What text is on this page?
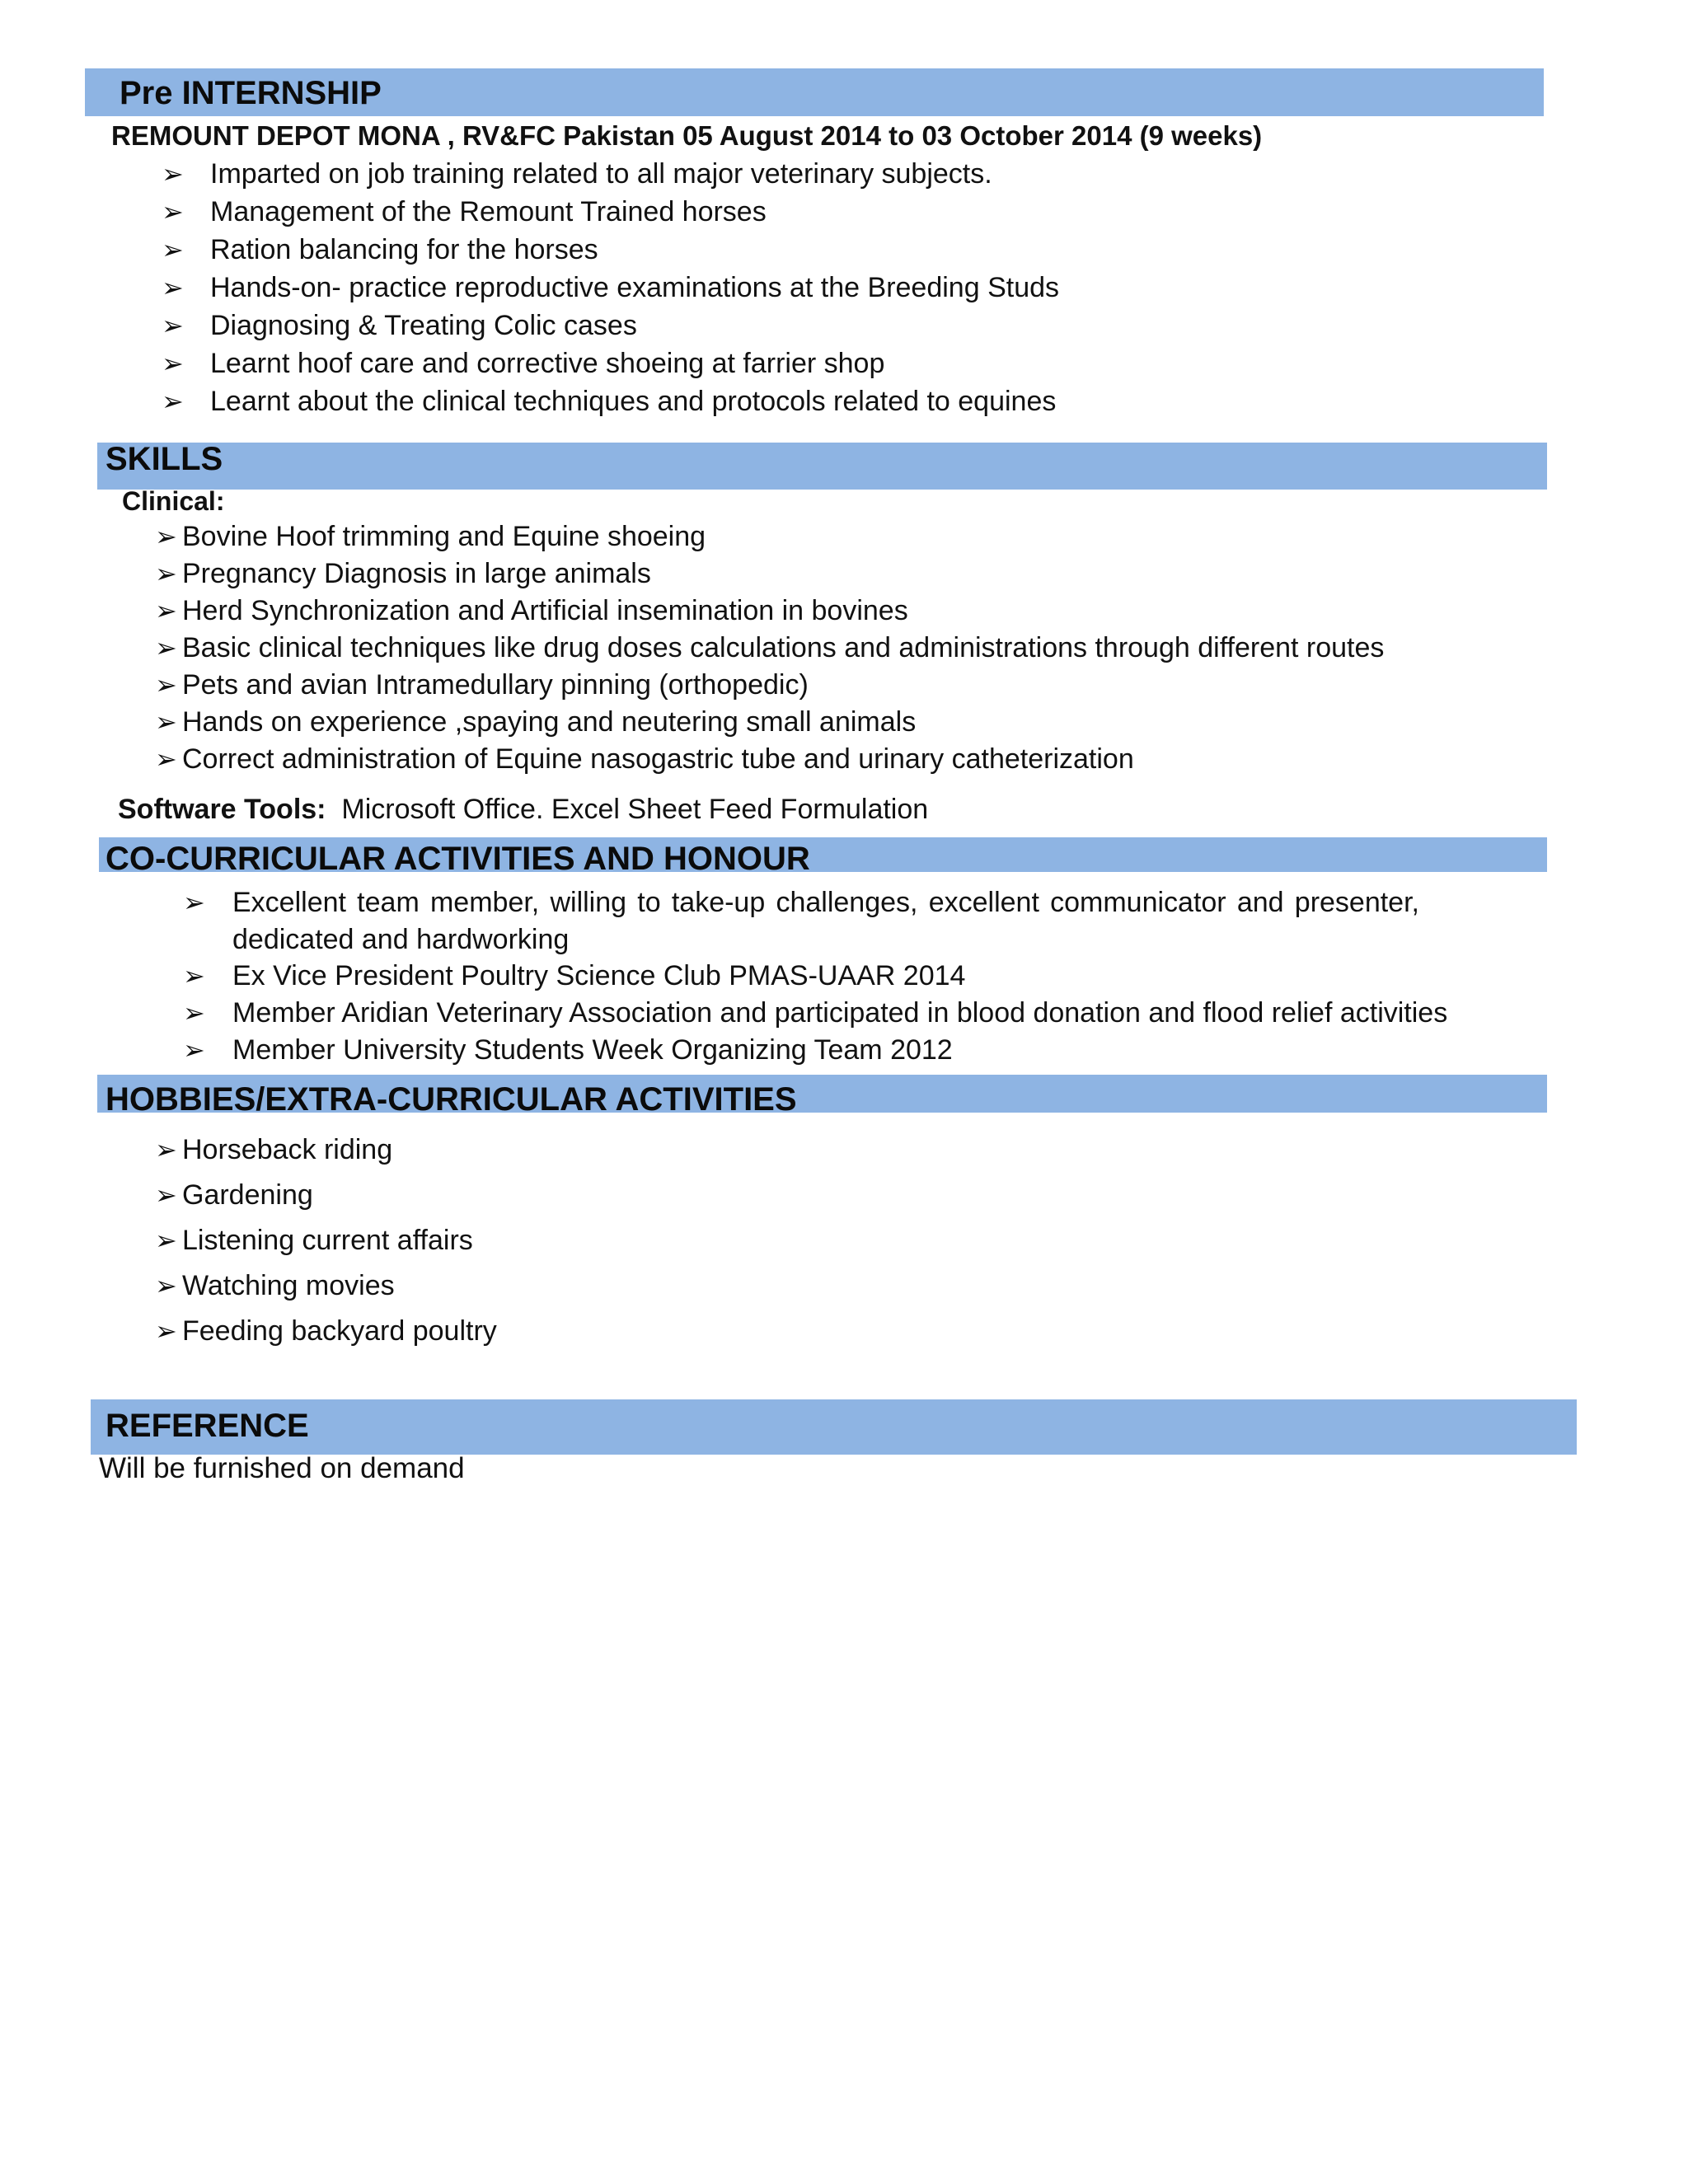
Pre INTERNSHIP
REMOUNT DEPOT MONA , RV&FC Pakistan 05 August 2014 to 03 October 2014 (9 weeks)
➢ Imparted on job training related to all major veterinary subjects.
➢ Management of the Remount Trained horses
➢ Ration balancing for the horses
➢ Hands-on- practice reproductive examinations at the Breeding Studs
➢ Diagnosing & Treating Colic cases
➢ Learnt hoof care and corrective shoeing at farrier shop
➢ Learnt about the clinical techniques and protocols related to equines
SKILLS
Clinical:
➢ Bovine Hoof trimming and Equine shoeing
➢ Pregnancy Diagnosis in large animals
➢ Herd Synchronization and Artificial insemination in bovines
➢ Basic clinical techniques like drug doses calculations and administrations through different routes
➢ Pets and avian Intramedullary pinning (orthopedic)
➢ Hands on experience ,spaying and neutering small animals
➢ Correct administration of Equine nasogastric tube and urinary catheterization
Software Tools: Microsoft Office. Excel Sheet Feed Formulation
CO-CURRICULAR ACTIVITIES AND HONOUR
➢ Excellent team member, willing to take-up challenges, excellent communicator and presenter, dedicated and hardworking
➢ Ex Vice President Poultry Science Club PMAS-UAAR 2014
➢ Member Aridian Veterinary Association and participated in blood donation and flood relief activities
➢ Member University Students Week Organizing Team 2012
HOBBIES/EXTRA-CURRICULAR ACTIVITIES
➢ Horseback riding
➢ Gardening
➢ Listening current affairs
➢ Watching movies
➢ Feeding backyard poultry
REFERENCE
Will be furnished on demand
